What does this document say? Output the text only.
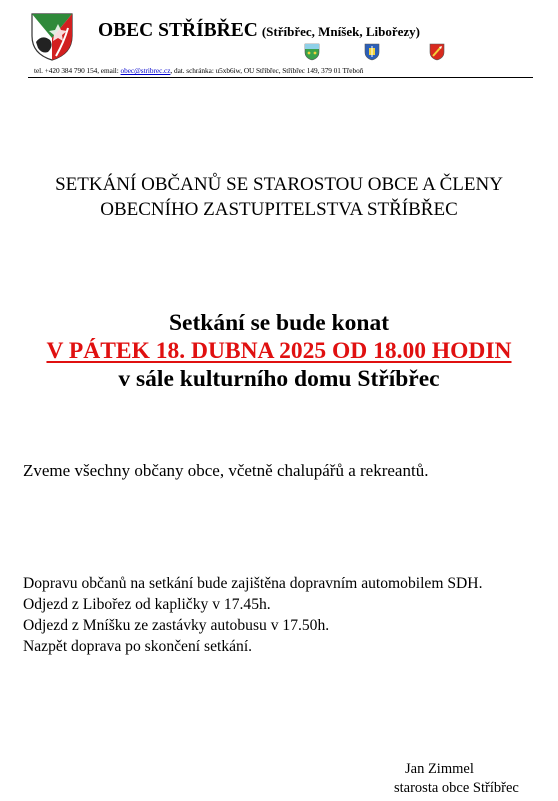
OBEC STŘÍBŘEC (Stříbřec, Mníšek, Libořezy)
tel. +420 384 790 154, email: obec@stribrec.cz, dat. schránka: u5xb6iw, OU Stříbřec, Stříbřec 149, 379 01 Třeboň
SETKÁNÍ OBČANŮ SE STAROSTOU OBCE A ČLENY
OBECNÍHO ZASTUPITELSTVA STŘÍBŘEC
Setkání se bude konat
V PÁTEK 18. DUBNA 2025 OD 18.00 HODIN
v sále kulturního domu Stříbřec
Zveme všechny občany obce, včetně chalupářů a rekreantů.
Dopravu občanů na setkání bude zajištěna dopravním automobilem SDH.
Odjezd z Libořez od kapličky v 17.45h.
Odjezd z Mníšku ze zastávky autobusu v 17.50h.
Nazpět doprava po skončení setkání.
Jan Zimmel
starosta obce Stříbřec
